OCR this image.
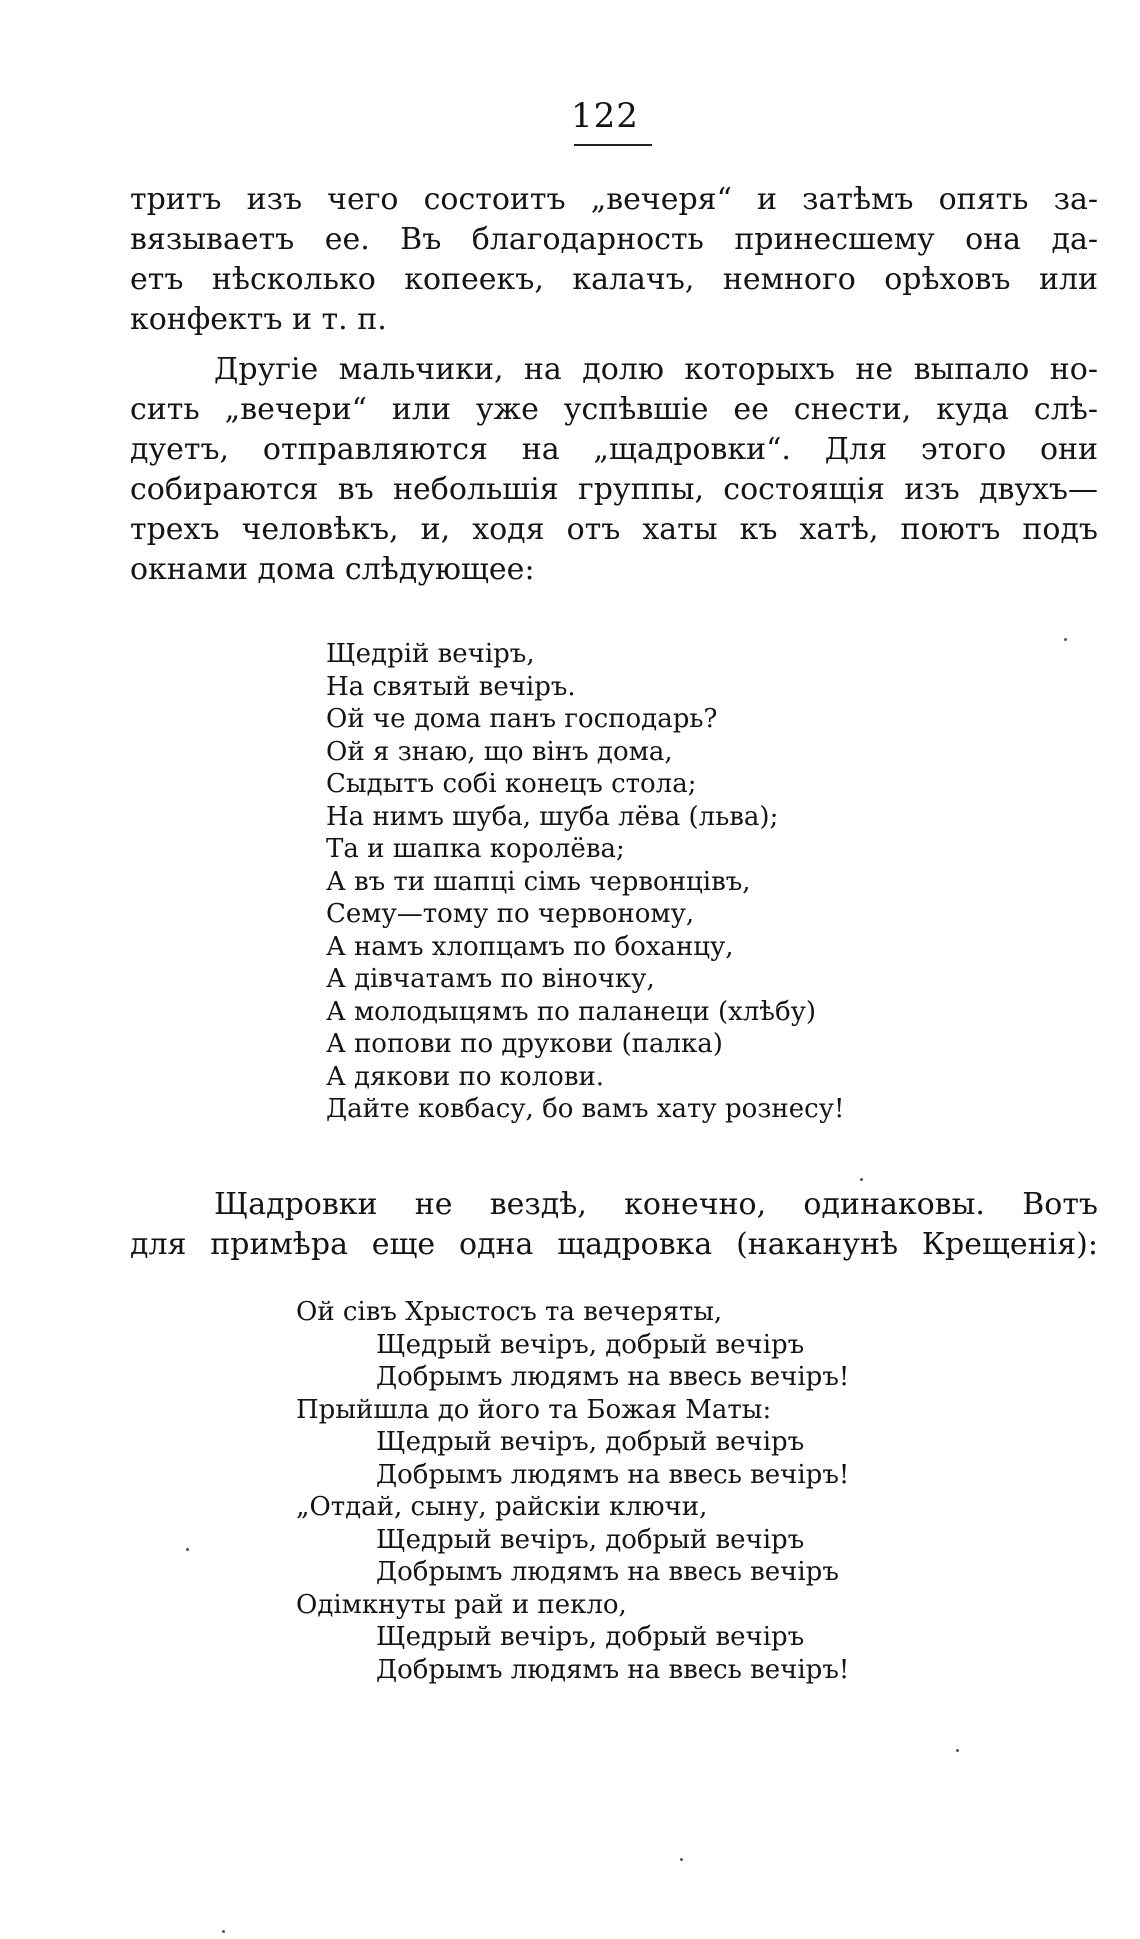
122
тритъ изъ чего состоитъ „вечеря“ и затѣмъ опять за-
вязываетъ ее. Въ благодарность принесшему она да-
етъ нѣсколько копеекъ, калачъ, немного орѣховъ или
конфектъ и т. п.
Другіе мальчики, на долю которыхъ не выпало но-
сить „вечери“ или уже успѣвшіе ее снести, куда слѣ-
дуетъ, отправляются на „щадровки“. Для этого они
собираются въ небольшія группы, состоящія изъ двухъ—
трехъ человѣкъ, и, ходя отъ хаты къ хатѣ, поютъ подъ
окнами дома слѣдующее:
Щедрій вечіръ,
На святый вечіръ.
Ой че дома панъ господарь?
Ой я знаю, що вінъ дома,
Сыдытъ собі конецъ стола;
На нимъ шуба, шуба лёва (льва);
Та и шапка королёва;
А въ ти шапці сімь червонцівъ,
Сему—тому по червоному,
А намъ хлопцамъ по боханцу,
А дівчатамъ по віночку,
А молодыцямъ по паланеци (хлѣбу)
А попови по друкови (палка)
А дякови по колови.
Дайте ковбасу, бо вамъ хату рознесу!
Щадровки не вездѣ, конечно, одинаковы. Вотъ
для примѣра еще одна щадровка (наканунѣ Крещенія):
Ой сівъ Хрыстосъ та вечеряты,
Щедрый вечіръ, добрый вечіръ
Добрымъ людямъ на ввесь вечіръ!
Прыйшла до його та Божая Маты:
Щедрый вечіръ, добрый вечіръ
Добрымъ людямъ на ввесь вечіръ!
„Отдай, сыну, райскіи ключи,
Щедрый вечіръ, добрый вечіръ
Добрымъ людямъ на ввесь вечіръ
Одімкнуты рай и пекло,
Щедрый вечіръ, добрый вечіръ
Добрымъ людямъ на ввесь вечіръ!
